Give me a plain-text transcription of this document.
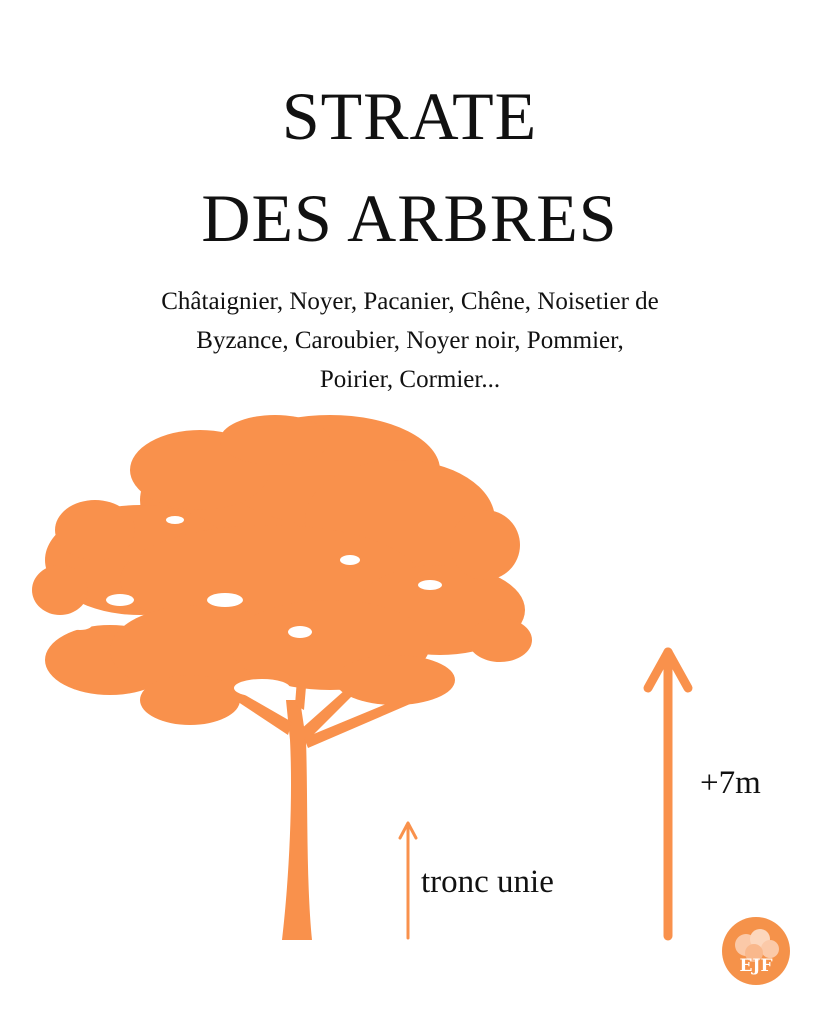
STRATE
DES ARBRES
Châtaignier, Noyer, Pacanier, Chêne, Noisetier de
Byzance, Caroubier, Noyer noir, Pommier,
Poirier, Cormier...
tronc unie
+7m
EJF
